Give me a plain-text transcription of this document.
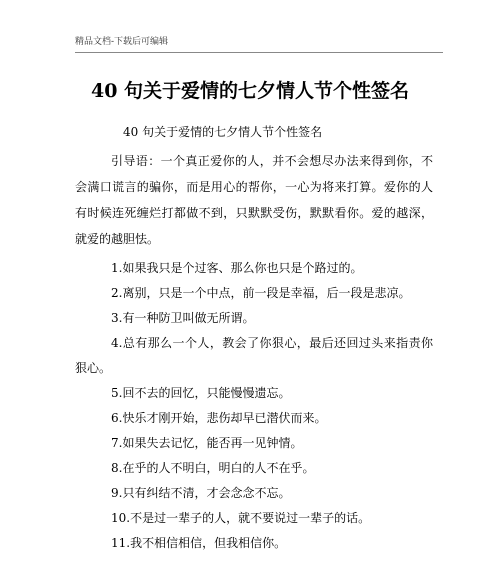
精品文档-下载后可编辑
40 句关于爱情的七夕情人节个性签名

40 句关于爱情的七夕情人节个性签名

引导语：一个真正爱你的人，并不会想尽办法来得到你，不会满口谎言的骗你，而是用心的帮你，一心为将来打算。爱你的人有时候连死缠烂打都做不到，只默默受伤，默默看你。爱的越深，就爱的越胆怯。

1.如果我只是个过客、那么你也只是个路过的。
2.离别，只是一个中点，前一段是幸福，后一段是悲凉。
3.有一种防卫叫做无所谓。
4.总有那么一个人，教会了你狠心，最后还回过头来指责你狠心。
5.回不去的回忆，只能慢慢遗忘。
6.快乐才刚开始，悲伤却早已潜伏而来。
7.如果失去记忆，能否再一见钟情。
8.在乎的人不明白，明白的人不在乎。
9.只有纠结不清，才会念念不忘。
10.不是过一辈子的人，就不要说过一辈子的话。
11.我不相信相信，但我相信你。
